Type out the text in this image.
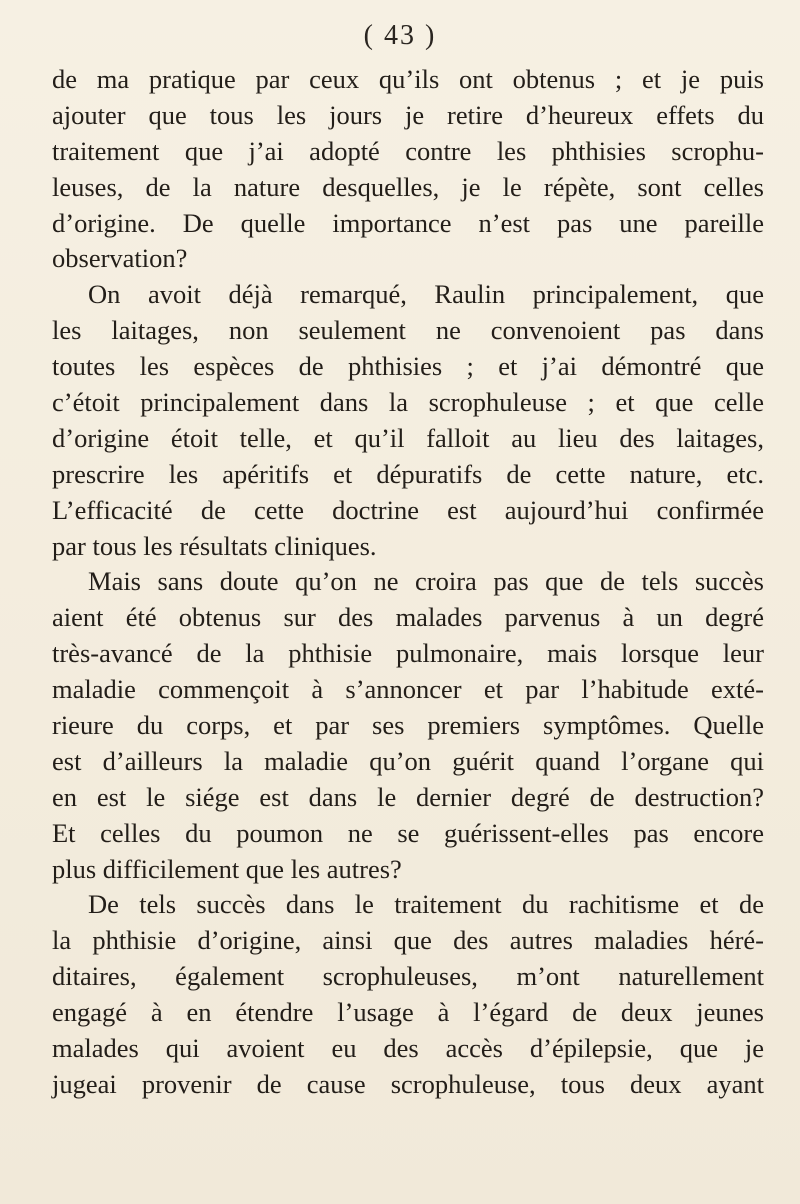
( 43 )
de ma pratique par ceux qu’ils ont obtenus ; et je puis
ajouter que tous les jours je retire d’heureux effets du
traitement que j’ai adopté contre les phthisies scrophu-
leuses, de la nature desquelles, je le répète, sont celles
d’origine. De quelle importance n’est pas une pareille
observation?
On avoit déjà remarqué, Raulin principalement, que
les laitages, non seulement ne convenoient pas dans
toutes les espèces de phthisies ; et j’ai démontré que
c’étoit principalement dans la scrophuleuse ; et que celle
d’origine étoit telle, et qu’il falloit au lieu des laitages,
prescrire les apéritifs et dépuratifs de cette nature, etc.
L’efficacité de cette doctrine est aujourd’hui confirmée
par tous les résultats cliniques.
Mais sans doute qu’on ne croira pas que de tels succès
aient été obtenus sur des malades parvenus à un degré
très-avancé de la phthisie pulmonaire, mais lorsque leur
maladie commençoit à s’annoncer et par l’habitude exté-
rieure du corps, et par ses premiers symptômes. Quelle
est d’ailleurs la maladie qu’on guérit quand l’organe qui
en est le siége est dans le dernier degré de destruction?
Et celles du poumon ne se guérissent-elles pas encore
plus difficilement que les autres?
De tels succès dans le traitement du rachitisme et de
la phthisie d’origine, ainsi que des autres maladies héré-
ditaires, également scrophuleuses, m’ont naturellement
engagé à en étendre l’usage à l’égard de deux jeunes
malades qui avoient eu des accès d’épilepsie, que je
jugeai provenir de cause scrophuleuse, tous deux ayant
